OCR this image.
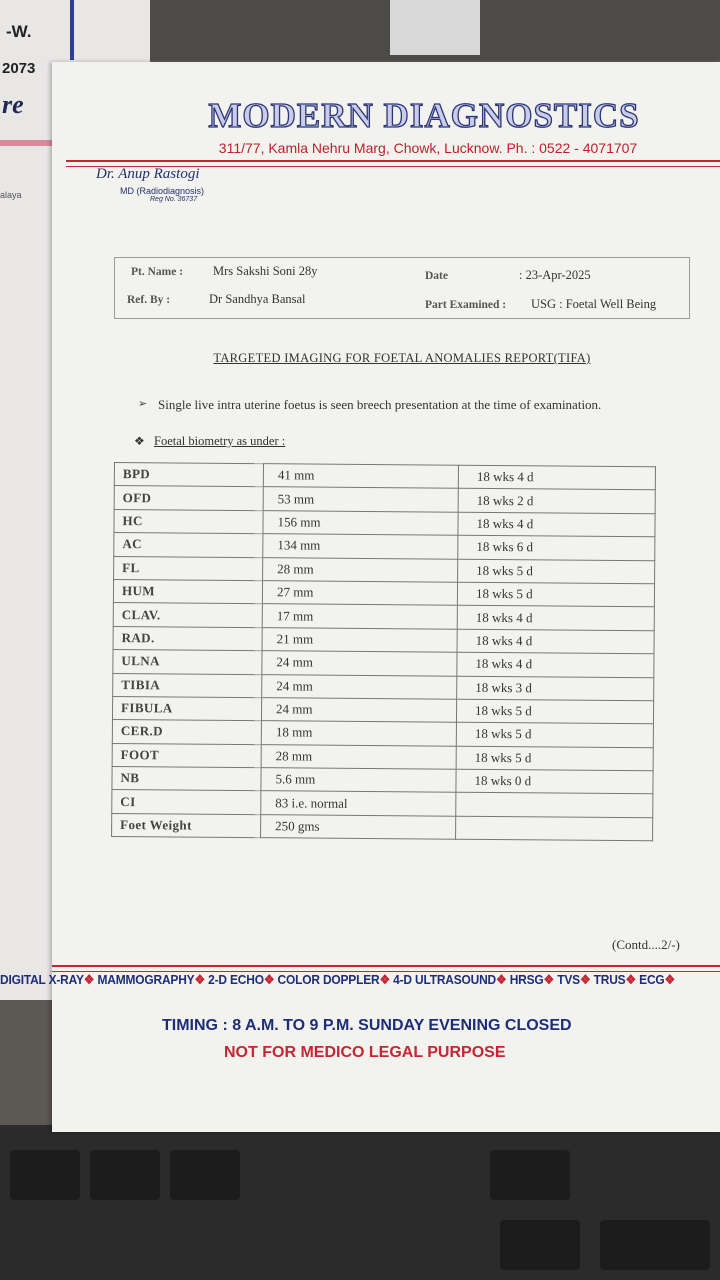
-W.
2073
re
alaya
MODERN DIAGNOSTICS
311/77, Kamla Nehru Marg, Chowk, Lucknow. Ph. : 0522 - 4071707
Dr. Anup Rastogi
MD (Radiodiagnosis)
Reg No. 36737
Pt. Name : Mrs Sakshi Soni 28y	Date	: 23-Apr-2025
Ref. By :	Dr Sandhya Bansal	Part Examined : USG : Foetal Well Being
TARGETED IMAGING FOR FOETAL ANOMALIES REPORT(TIFA)
➢ Single live intra uterine foetus is seen breech presentation at the time of examination.
❖ Foetal biometry as under :
BPD	41 mm	18 wks 4 d
OFD	53 mm	18 wks 2 d
HC	156 mm	18 wks 4 d
AC	134 mm	18 wks 6 d
FL	28 mm	18 wks 5 d
HUM	27 mm	18 wks 5 d
CLAV.	17 mm	18 wks 4 d
RAD.	21 mm	18 wks 4 d
ULNA	24 mm	18 wks 4 d
TIBIA	24 mm	18 wks 3 d
FIBULA	24 mm	18 wks 5 d
CER.D	18 mm	18 wks 5 d
FOOT	28 mm	18 wks 5 d
NB	5.6 mm	18 wks 0 d
CI	83 i.e. normal	
Foet Weight	250 gms	
(Contd....2/-)
DIGITAL X-RAY❖ MAMMOGRAPHY❖ 2-D ECHO❖ COLOR DOPPLER❖ 4-D ULTRASOUND❖ HRSG❖ TVS❖ TRUS❖ ECG❖
TIMING : 8 A.M. TO 9 P.M. SUNDAY EVENING CLOSED
NOT FOR MEDICO LEGAL PURPOSE
